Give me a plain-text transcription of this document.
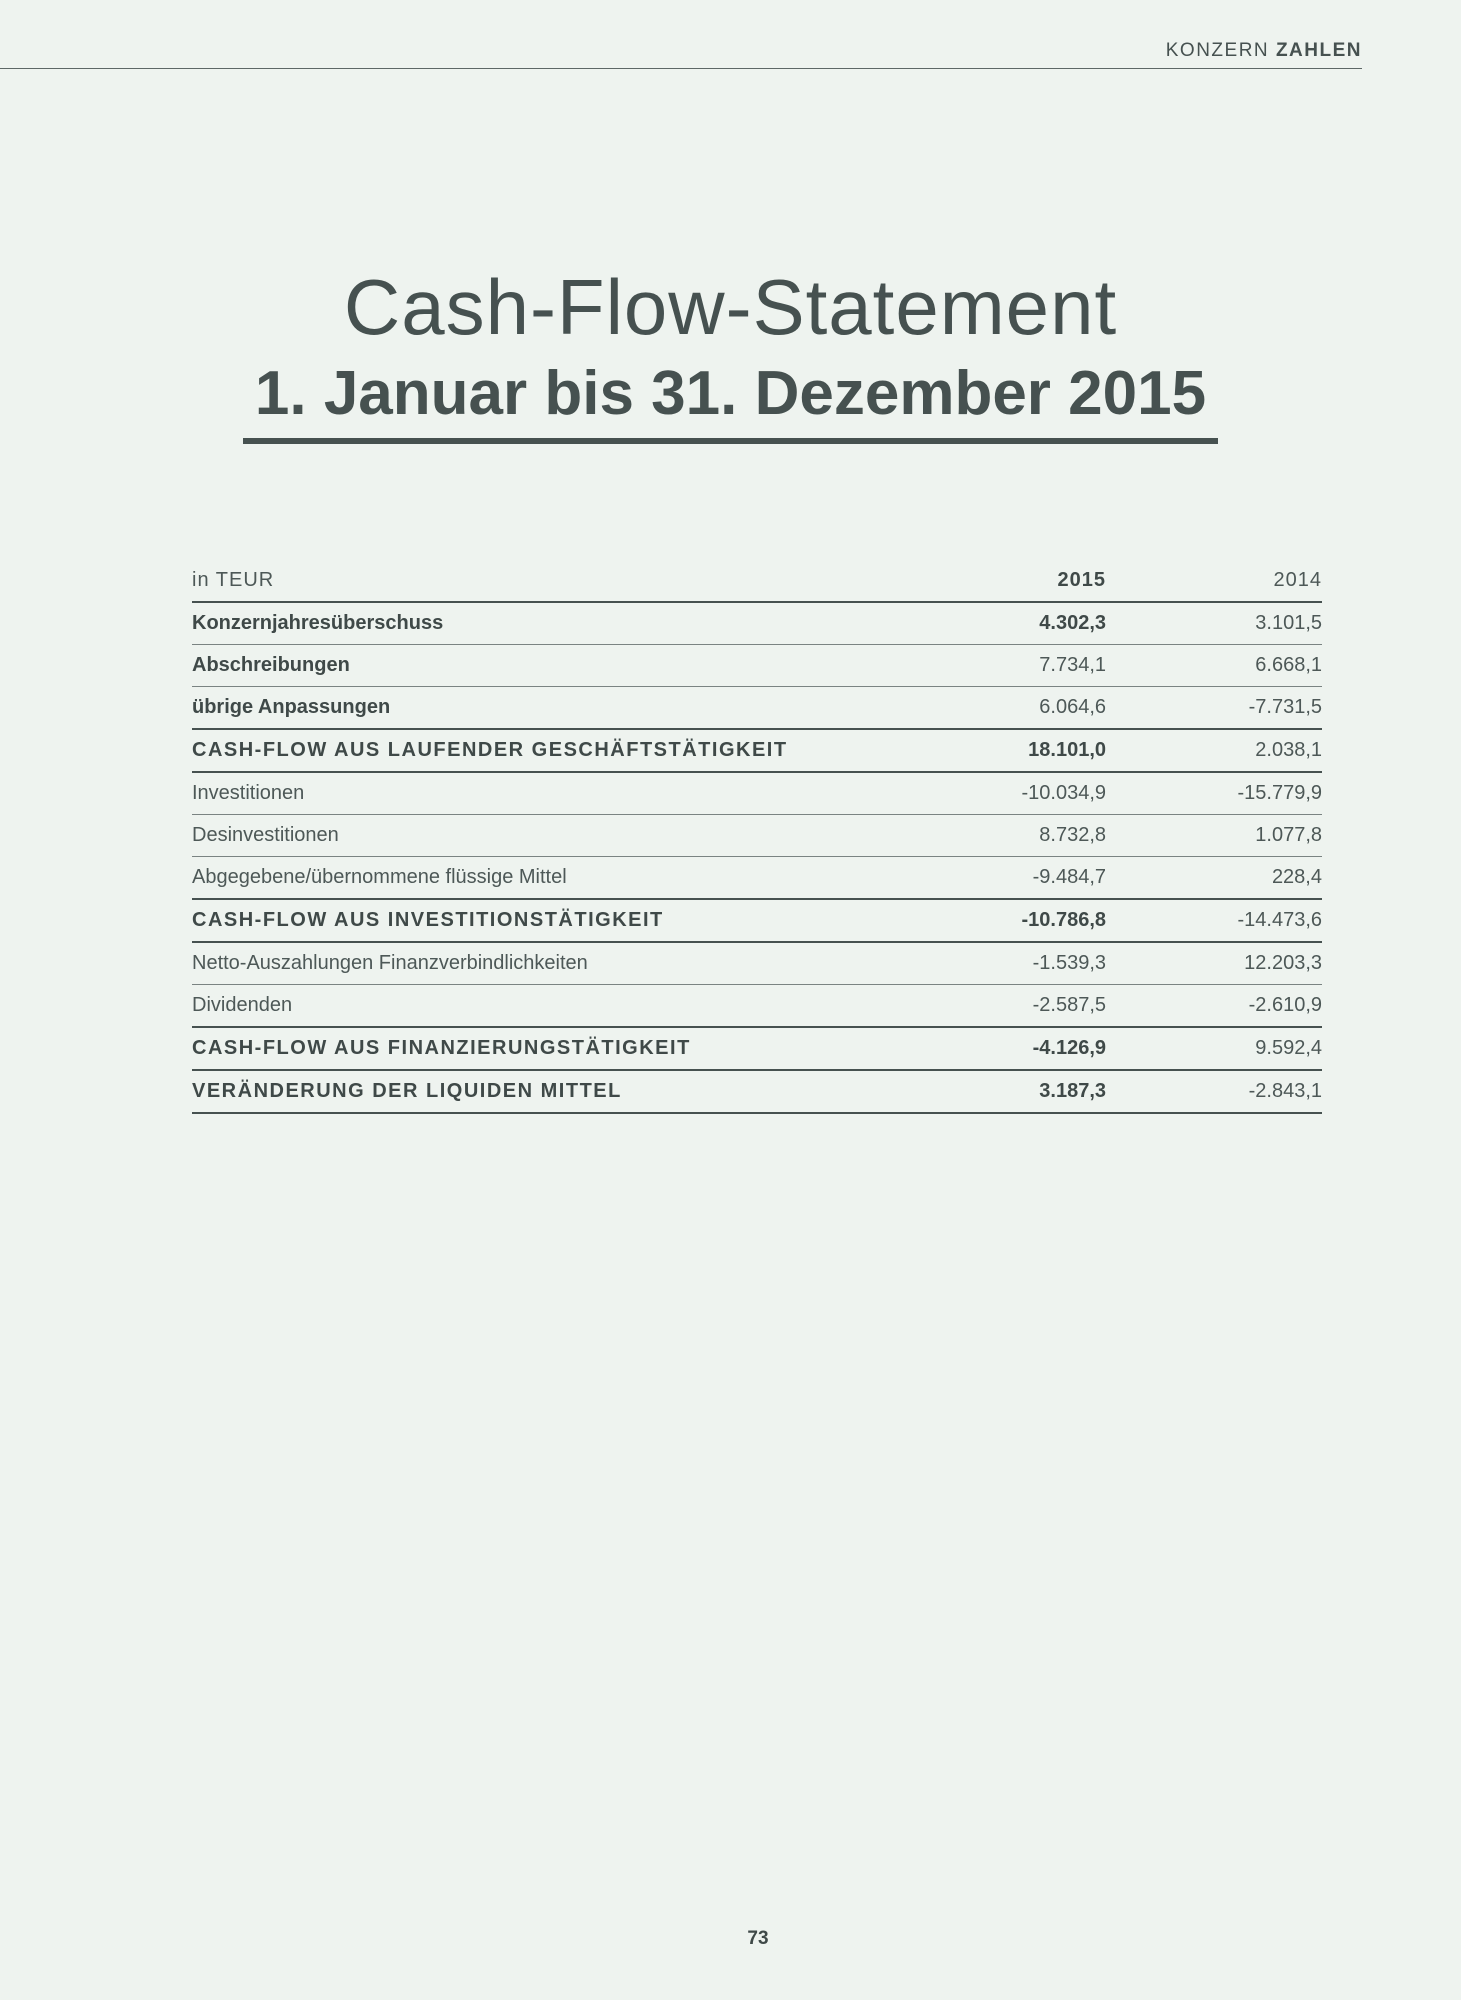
KONZERN ZAHLEN
Cash-Flow-Statement
1. Januar bis 31. Dezember 2015
in TEUR	2015	2014
Konzernjahresüberschuss	4.302,3	3.101,5
Abschreibungen	7.734,1	6.668,1
übrige Anpassungen	6.064,6	-7.731,5
CASH-FLOW AUS LAUFENDER GESCHÄFTSTÄTIGKEIT	18.101,0	2.038,1
Investitionen	-10.034,9	-15.779,9
Desinvestitionen	8.732,8	1.077,8
Abgegebene/übernommene flüssige Mittel	-9.484,7	228,4
CASH-FLOW AUS INVESTITIONSTÄTIGKEIT	-10.786,8	-14.473,6
Netto-Auszahlungen Finanzverbindlichkeiten	-1.539,3	12.203,3
Dividenden	-2.587,5	-2.610,9
CASH-FLOW AUS FINANZIERUNGSTÄTIGKEIT	-4.126,9	9.592,4
VERÄNDERUNG DER LIQUIDEN MITTEL	3.187,3	-2.843,1
73
